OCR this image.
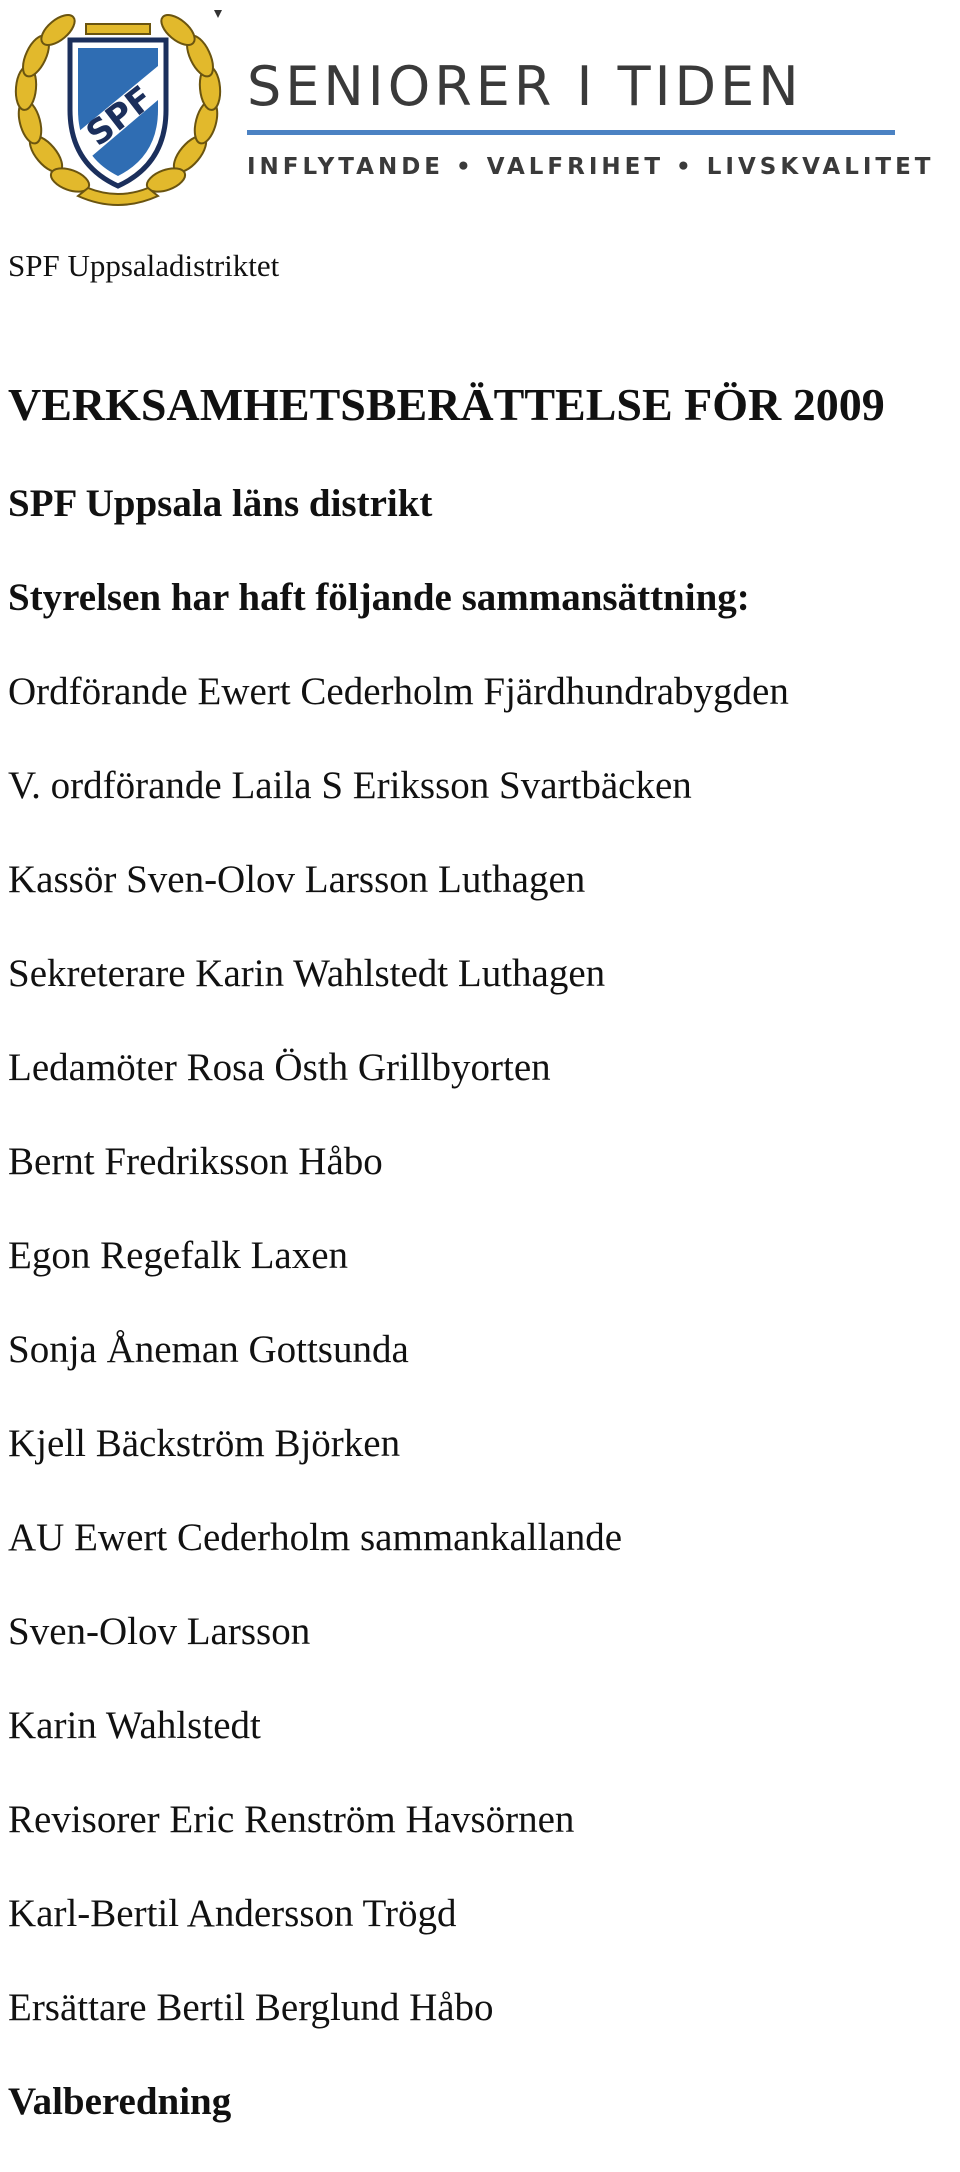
SPF SENIORER I TIDEN
INFLYTANDE • VALFRIHET • LIVSKVALITET
SPF Uppsaladistriktet
VERKSAMHETSBERÄTTELSE FÖR 2009
SPF Uppsala läns distrikt
Styrelsen har haft följande sammansättning:
Ordförande Ewert Cederholm Fjärdhundrabygden
V. ordförande Laila S Eriksson Svartbäcken
Kassör Sven-Olov Larsson Luthagen
Sekreterare Karin Wahlstedt Luthagen
Ledamöter Rosa Östh Grillbyorten
Bernt Fredriksson Håbo
Egon Regefalk Laxen
Sonja Åneman Gottsunda
Kjell Bäckström Björken
AU Ewert Cederholm sammankallande
Sven-Olov Larsson
Karin Wahlstedt
Revisorer Eric Renström Havsörnen
Karl-Bertil Andersson Trögd
Ersättare Bertil Berglund Håbo
Valberedning
